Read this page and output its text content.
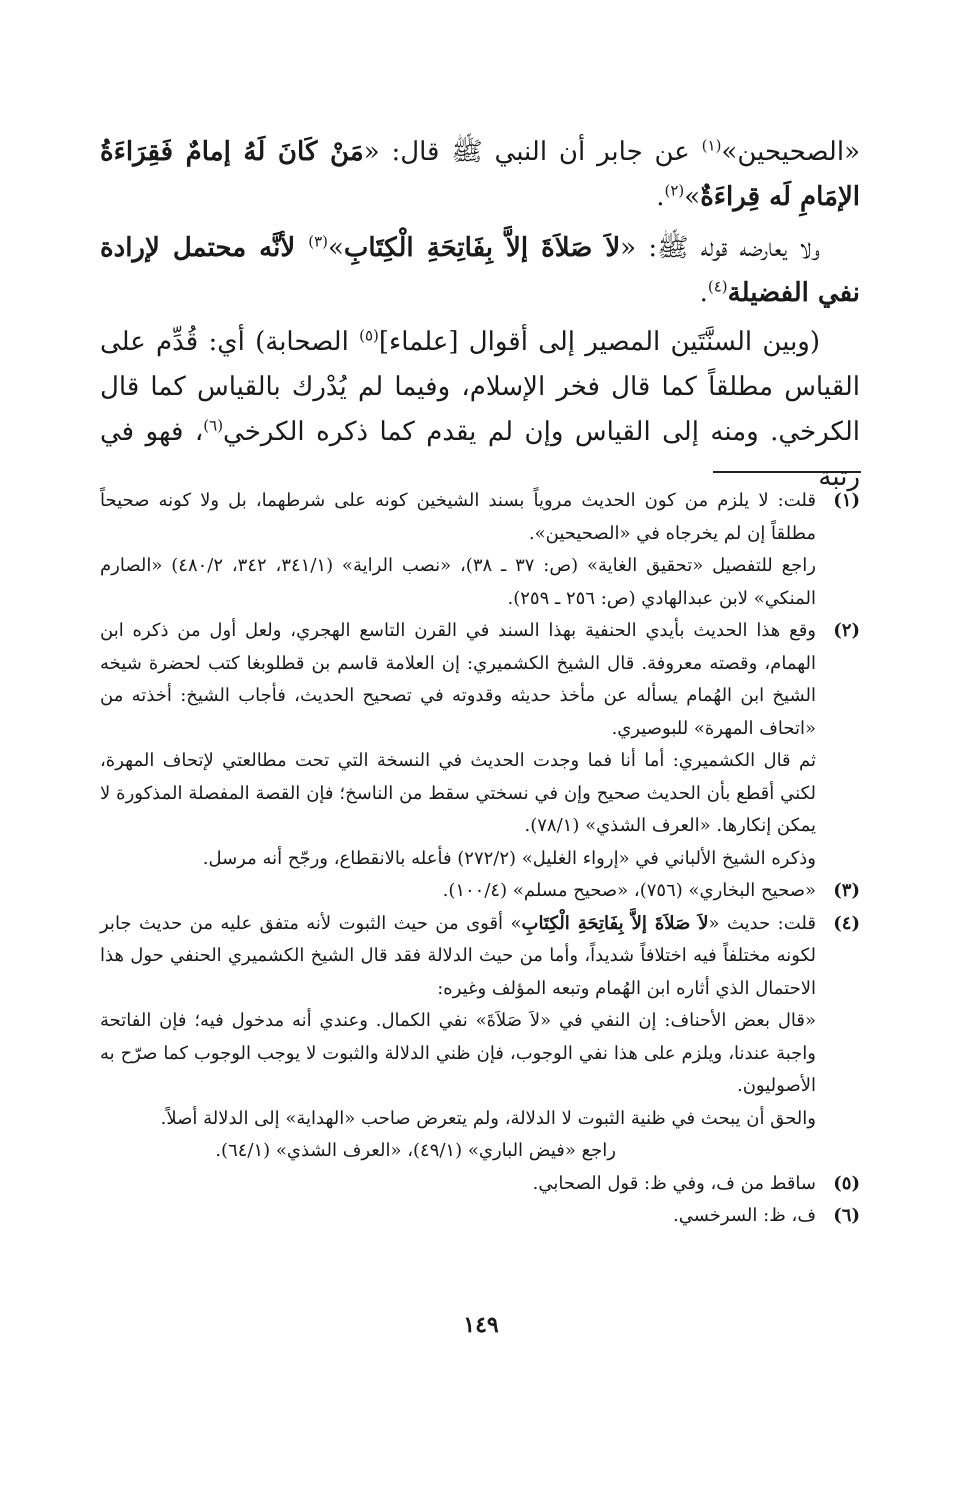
«الصحيحين»$^{(١)}$ عن جابر أن النبي ﷺ قال: «مَنْ كَانَ لَهُ إمامٌ فَقِرَاءَةُ الإمَامِ لَه قِراءَةٌ»$^{(٢)}$.

ولا يعارضه قوله ﷺ: «لاَ صَلاَةَ إلاَّ بِفَاتِحَةِ الْكِتَابِ»$^{(٣)}$ لأنَّه محتمل لإرادة نفي الفضيلة$^{(٤)}$.

(وبين السنَّتَين المصير إلى أقوال [علماء]$^{(٥)}$ الصحابة) أي: قُدِّم على القياس مطلقاً كما قال فخر الإسلام، وفيما لم يُدْرك بالقياس كما قال الكرخي. ومنه إلى القياس وإن لم يقدم كما ذكره الكرخي$^{(٦)}$، فهو في رتبة

(١)
قلت: لا يلزم من كون الحديث مروياً بسند الشيخين كونه على شرطهما، بل ولا كونه صحيحاً مطلقاً إن لم يخرجاه في «الصحيحين».
راجع للتفصيل «تحقيق الغاية» (ص: ٣٧ ـ ٣٨)، «نصب الراية» (٣٤١/١، ٣٤٢، ٤٨٠/٢) «الصارم المنكي» لابن عبدالهادي (ص: ٢٥٦ ـ ٢٥٩).
(٢)
وقع هذا الحديث بأيدي الحنفية بهذا السند في القرن التاسع الهجري، ولعل أول من ذكره ابن الهمام، وقصته معروفة. قال الشيخ الكشميري: إن العلامة قاسم بن قطلوبغا كتب لحضرة شيخه الشيخ ابن الهُمام يسأله عن مأخذ حديثه وقدوته في تصحيح الحديث، فأجاب الشيخ: أخذته من «اتحاف المهرة» للبوصيري.
ثم قال الكشميري: أما أنا فما وجدت الحديث في النسخة التي تحت مطالعتي لإتحاف المهرة، لكني أقطع بأن الحديث صحيح وإن في نسختي سقط من الناسخ؛ فإن القصة المفصلة المذكورة لا يمكن إنكارها. «العرف الشذي» (٧٨/١).
وذكره الشيخ الألباني في «إرواء الغليل» (٢٧٢/٢) فأعله بالانقطاع، ورجّح أنه مرسل.
(٣)
«صحيح البخاري» (٧٥٦)، «صحيح مسلم» (١٠٠/٤).
(٤)
قلت: حديث «لاَ صَلاَةَ إلاَّ بِفَاتِحَةِ الْكِتَابِ» أقوى من حيث الثبوت لأنه متفق عليه من حديث جابر لكونه مختلفاً فيه اختلافاً شديداً، وأما من حيث الدلالة فقد قال الشيخ الكشميري الحنفي حول هذا الاحتمال الذي أثاره ابن الهُمام وتبعه المؤلف وغيره:
«قال بعض الأحناف: إن النفي في «لاَ صَلاَةَ» نفي الكمال. وعندي أنه مدخول فيه؛ فإن الفاتحة واجبة عندنا، ويلزم على هذا نفي الوجوب، فإن ظني الدلالة والثبوت لا يوجب الوجوب كما صرّح به الأصوليون.
والحق أن يبحث في ظنية الثبوت لا الدلالة، ولم يتعرض صاحب «الهداية» إلى الدلالة أصلاً.
راجع «فيض الباري» (٤٩/١)، «العرف الشذي» (٦٤/١).
(٥)
ساقط من ف، وفي ظ: قول الصحابي.
(٦)
ف، ظ: السرخسي.
١٤٩
